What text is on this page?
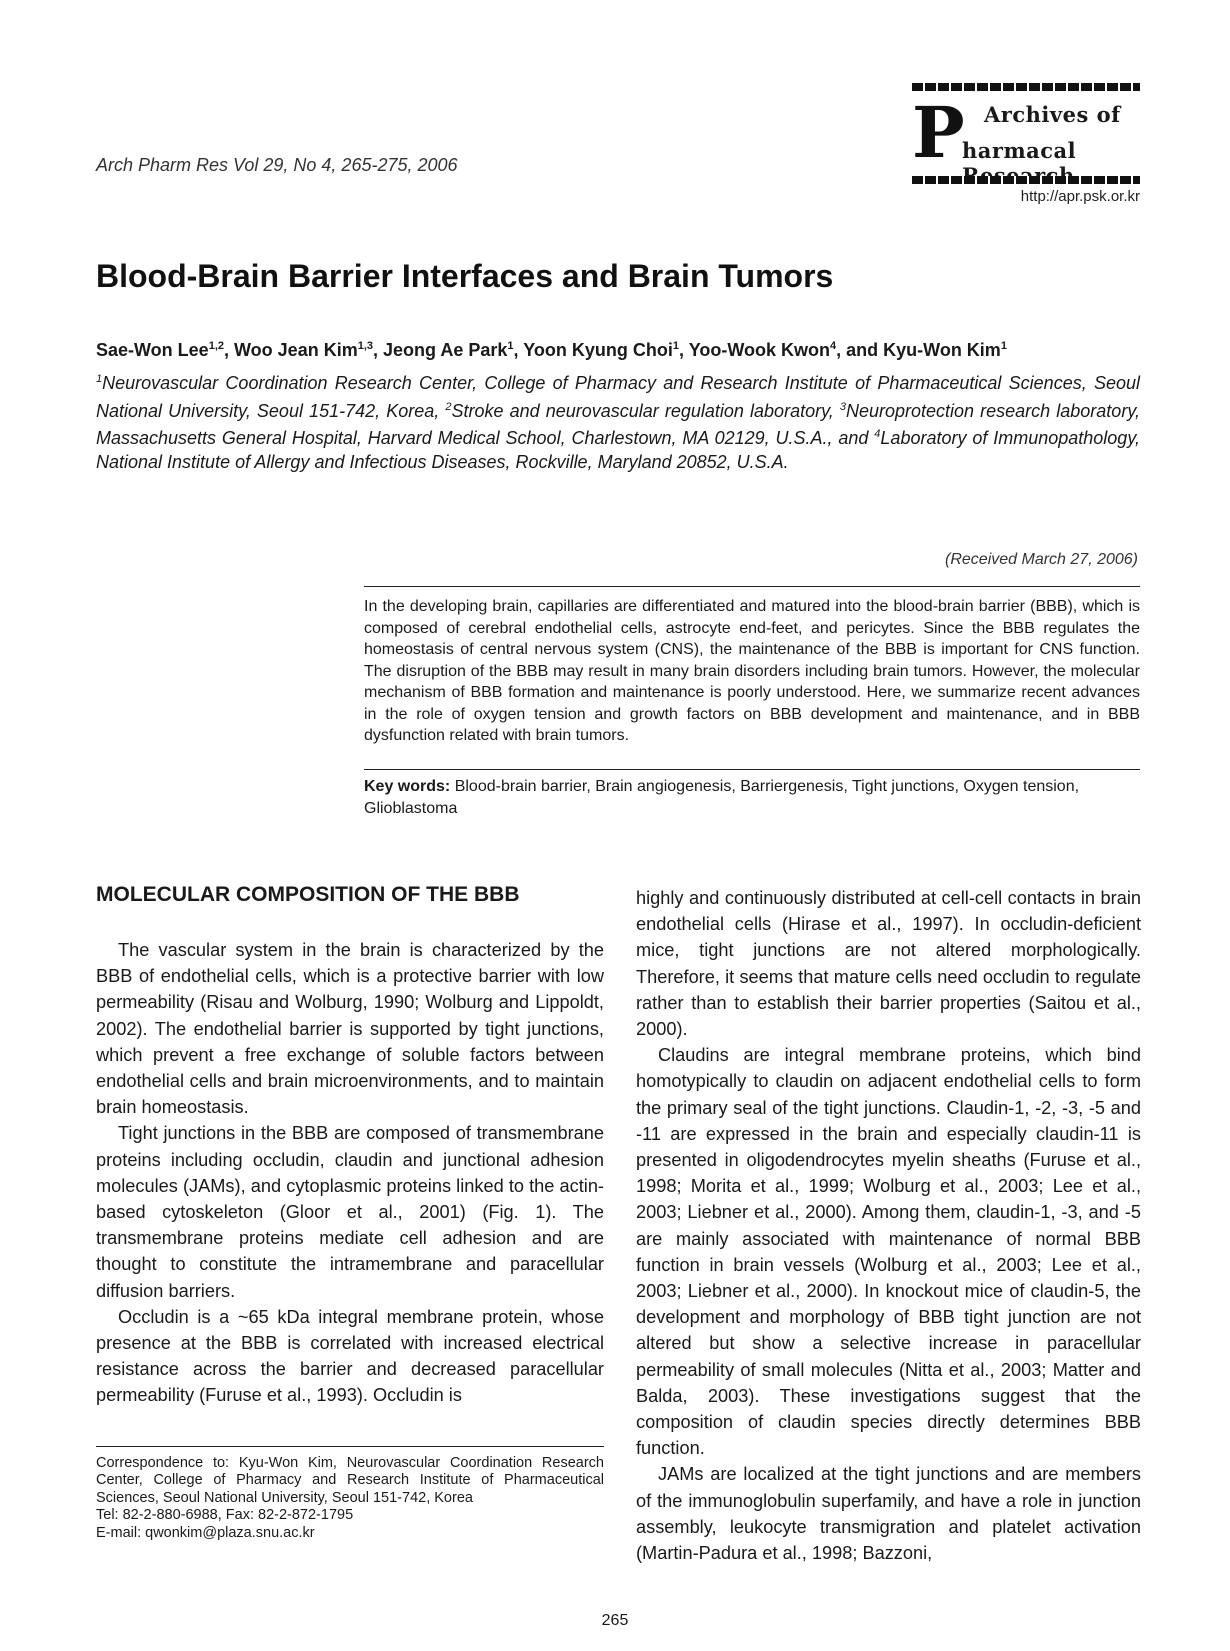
Arch Pharm Res Vol 29, No 4, 265-275, 2006	P Archives of
harmacal
http://apr.psk.or.kr
Blood-Brain Barrier Interfaces and Brain Tumors
Sae-Won Lee$^{1,2}$, Woo Jean Kim$^{1,3}$, Jeong Ae Park$^1$, Yoon Kyung Choi$^1$, Yoo-Wook Kwon$^4$, and Kyu-Won Kim$^1$
$^1$Neurovascular Coordination Research Center, College of Pharmacy and Research Institute of Pharmaceutical Sciences, Seoul National University, Seoul 151-742, Korea, $^2$Stroke and neurovascular regulation laboratory, $^3$Neuroprotection research laboratory, Massachusetts General Hospital, Harvard Medical School, Charlestown, MA 02129, U.S.A., and $^4$Laboratory of Immunopathology, National Institute of Allergy and Infectious Diseases, Rockville, Maryland 20852, U.S.A.
(Received March 27, 2006)
In the developing brain, capillaries are differentiated and matured into the blood-brain barrier (BBB), which is composed of cerebral endothelial cells, astrocyte end-feet, and pericytes. Since the BBB regulates the homeostasis of central nervous system (CNS), the maintenance of the BBB is important for CNS function. The disruption of the BBB may result in many brain disorders including brain tumors. However, the molecular mechanism of BBB formation and maintenance is poorly understood. Here, we summarize recent advances in the role of oxygen tension and growth factors on BBB development and maintenance, and in BBB dysfunction related with brain tumors.
Key words: Blood-brain barrier, Brain angiogenesis, Barriergenesis, Tight junctions, Oxygen tension, Glioblastoma
MOLECULAR COMPOSITION OF THE BBB

The vascular system in the brain is characterized by the BBB of endothelial cells, which is a protective barrier with low permeability (Risau and Wolburg, 1990; Wolburg and Lippoldt, 2002). The endothelial barrier is supported by tight junctions, which prevent a free exchange of soluble factors between endothelial cells and brain microenvironments, and to maintain brain homeostasis.

Tight junctions in the BBB are composed of transmembrane proteins including occludin, claudin and junctional adhesion molecules (JAMs), and cytoplasmic proteins linked to the actin-based cytoskeleton (Gloor et al., 2001) (Fig. 1). The transmembrane proteins mediate cell adhesion and are thought to constitute the intramembrane and paracellular diffusion barriers.

Occludin is a ~65 kDa integral membrane protein, whose presence at the BBB is correlated with increased electrical resistance across the barrier and decreased paracellular permeability (Furuse et al., 1993). Occludin is

highly and continuously distributed at cell-cell contacts in brain endothelial cells (Hirase et al., 1997). In occludin-deficient mice, tight junctions are not altered morphologically. Therefore, it seems that mature cells need occludin to regulate rather than to establish their barrier properties (Saitou et al., 2000).

Claudins are integral membrane proteins, which bind homotypically to claudin on adjacent endothelial cells to form the primary seal of the tight junctions. Claudin-1, -2, -3, -5 and -11 are expressed in the brain and especially claudin-11 is presented in oligodendrocytes myelin sheaths (Furuse et al., 1998; Morita et al., 1999; Wolburg et al., 2003; Lee et al., 2003; Liebner et al., 2000). Among them, claudin-1, -3, and -5 are mainly associated with maintenance of normal BBB function in brain vessels (Wolburg et al., 2003; Lee et al., 2003; Liebner et al., 2000). In knockout mice of claudin-5, the development and morphology of BBB tight junction are not altered but show a selective increase in paracellular permeability of small molecules (Nitta et al., 2003; Matter and Balda, 2003). These investigations suggest that the composition of claudin species directly determines BBB function.

JAMs are localized at the tight junctions and are members of the immunoglobulin superfamily, and have a role in junction assembly, leukocyte transmigration and platelet activation (Martin-Padura et al., 1998; Bazzoni,

Correspondence to: Kyu-Won Kim, Neurovascular Coordination Research Center, College of Pharmacy and Research Institute of Pharmaceutical Sciences, Seoul National University, Seoul 151-742, Korea
Tel: 82-2-880-6988, Fax: 82-2-872-1795
E-mail: qwonkim@plaza.snu.ac.kr
265
